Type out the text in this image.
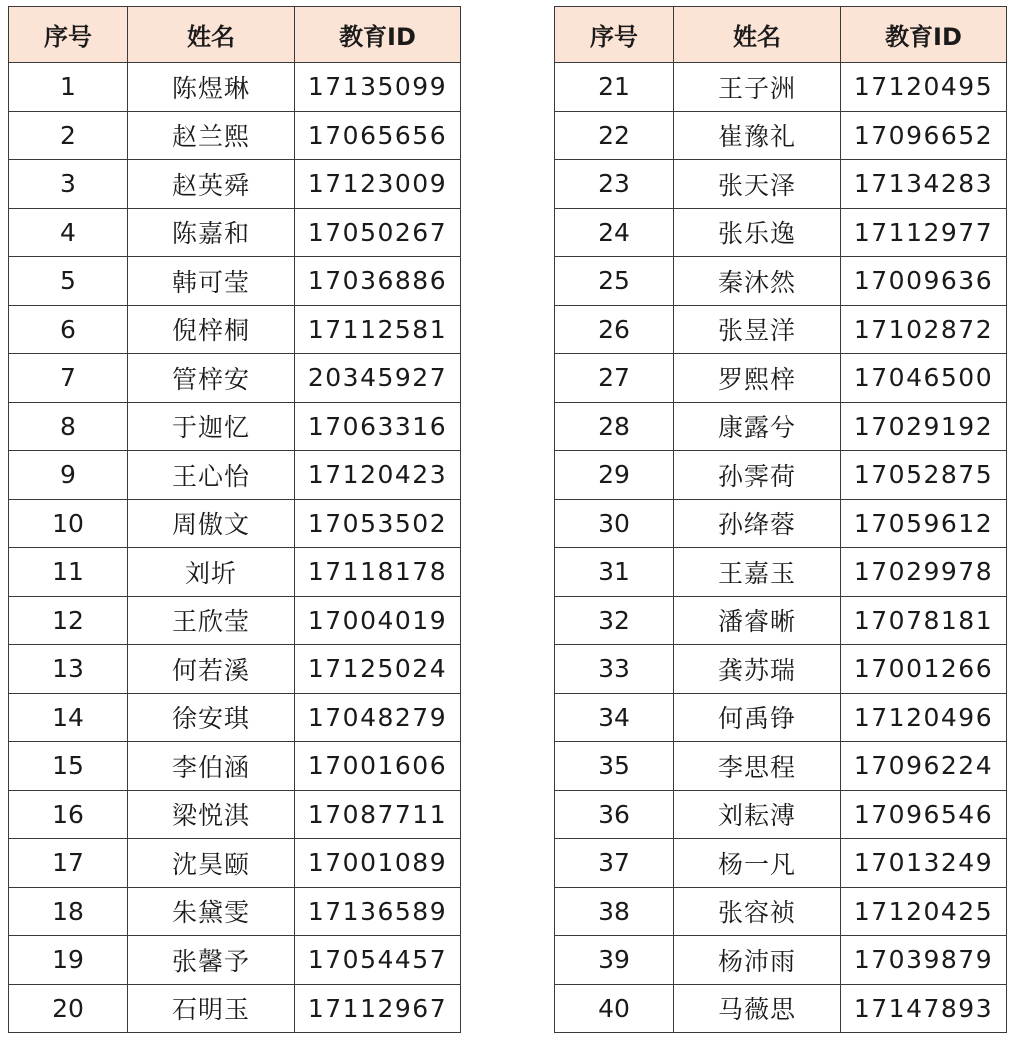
序号	姓名	教育ID
1	陈煜琳	17135099
2	赵兰熙	17065656
3	赵英舜	17123009
4	陈嘉和	17050267
5	韩可莹	17036886
6	倪梓桐	17112581
7	管梓安	20345927
8	于迦忆	17063316
9	王心怡	17120423
10	周傲文	17053502
11	刘圻	17118178
12	王欣莹	17004019
13	何若溪	17125024
14	徐安琪	17048279
15	李伯涵	17001606
16	梁悦淇	17087711
17	沈昊颐	17001089
18	朱黛雯	17136589
19	张馨予	17054457
20	石明玉	17112967
序号	姓名	教育ID
21	王子洲	17120495
22	崔豫礼	17096652
23	张天泽	17134283
24	张乐逸	17112977
25	秦沐然	17009636
26	张昱洋	17102872
27	罗熙梓	17046500
28	康露兮	17029192
29	孙霁荷	17052875
30	孙绛蓉	17059612
31	王嘉玉	17029978
32	潘睿晰	17078181
33	龚苏瑞	17001266
34	何禹铮	17120496
35	李思程	17096224
36	刘耘溥	17096546
37	杨一凡	17013249
38	张容祯	17120425
39	杨沛雨	17039879
40	马薇思	17147893
